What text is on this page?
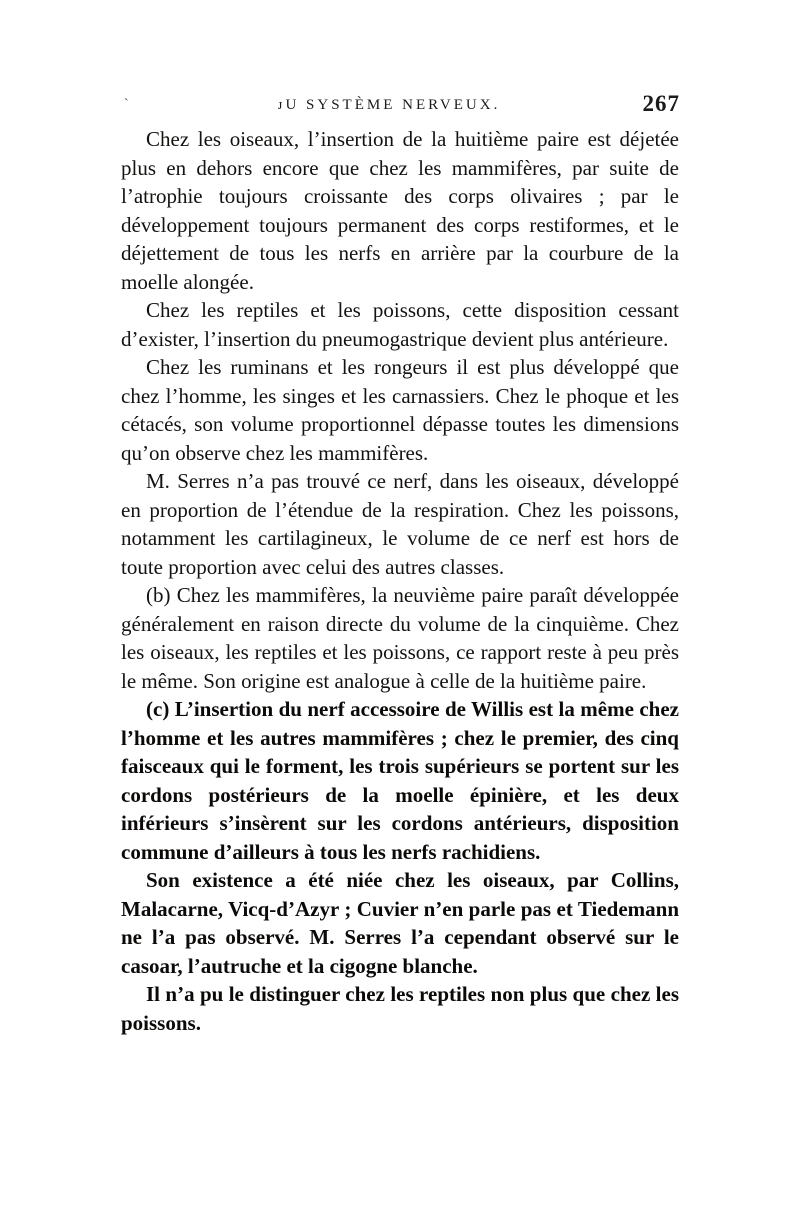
`	ᴊU SYSTÈME NERVEUX.	267

Chez les oiseaux, l’insertion de la huitième paire est déjetée plus en dehors encore que chez les mammifères, par suite de l’atrophie toujours croissante des corps olivaires ; par le développement toujours permanent des corps restiformes, et le déjettement de tous les nerfs en arrière par la courbure de la moelle alongée.

Chez les reptiles et les poissons, cette disposition cessant d’exister, l’insertion du pneumogastrique devient plus antérieure.

Chez les ruminans et les rongeurs il est plus développé que chez l’homme, les singes et les carnassiers. Chez le phoque et les cétacés, son volume proportionnel dépasse toutes les dimensions qu’on observe chez les mammifères.

M. Serres n’a pas trouvé ce nerf, dans les oiseaux, développé en proportion de l’étendue de la respiration. Chez les poissons, notamment les cartilagineux, le volume de ce nerf est hors de toute proportion avec celui des autres classes.

(b) Chez les mammifères, la neuvième paire paraît développée généralement en raison directe du volume de la cinquième. Chez les oiseaux, les reptiles et les poissons, ce rapport reste à peu près le même. Son origine est analogue à celle de la huitième paire.

(c) L’insertion du nerf accessoire de Willis est la même chez l’homme et les autres mammifères ; chez le premier, des cinq faisceaux qui le forment, les trois supérieurs se portent sur les cordons postérieurs de la moelle épinière, et les deux inférieurs s’insèrent sur les cordons antérieurs, disposition commune d’ailleurs à tous les nerfs rachidiens.

Son existence a été niée chez les oiseaux, par Collins, Malacarne, Vicq-d’Azyr ; Cuvier n’en parle pas et Tiedemann ne l’a pas observé. M. Serres l’a cependant observé sur le casoar, l’autruche et la cigogne blanche.

Il n’a pu le distinguer chez les reptiles non plus que chez les poissons.
